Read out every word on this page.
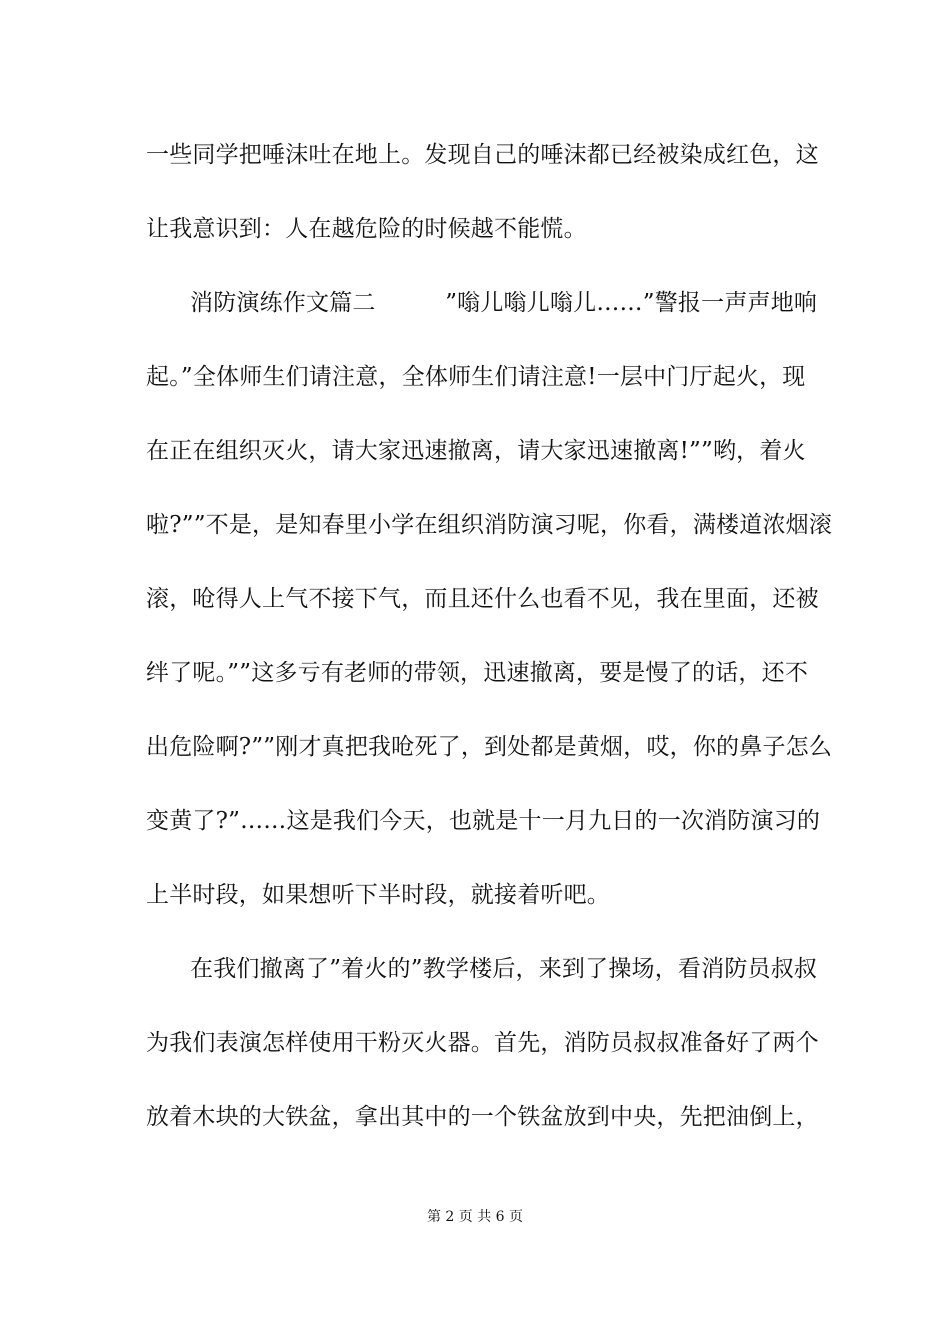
一些同学把唾沫吐在地上。发现自己的唾沫都已经被染成红色，这
让我意识到：人在越危险的时候越不能慌。
消防演练作文篇二　　　”嗡儿嗡儿嗡儿……”警报一声声地响
起。”全体师生们请注意，全体师生们请注意!一层中门厅起火，现
在正在组织灭火，请大家迅速撤离，请大家迅速撤离!””哟，着火
啦?””不是，是知春里小学在组织消防演习呢，你看，满楼道浓烟滚
滚，呛得人上气不接下气，而且还什么也看不见，我在里面，还被
绊了呢。””这多亏有老师的带领，迅速撤离，要是慢了的话，还不
出危险啊?””刚才真把我呛死了，到处都是黄烟，哎，你的鼻子怎么
变黄了?”……这是我们今天，也就是十一月九日的一次消防演习的
上半时段，如果想听下半时段，就接着听吧。
在我们撤离了”着火的”教学楼后，来到了操场，看消防员叔叔
为我们表演怎样使用干粉灭火器。首先，消防员叔叔准备好了两个
放着木块的大铁盆，拿出其中的一个铁盆放到中央，先把油倒上，
第 2 页 共 6 页
